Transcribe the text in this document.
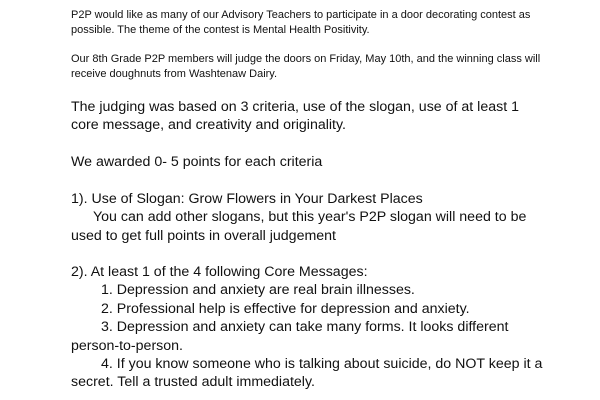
P2P would like as many of our Advisory Teachers to participate in a door decorating contest as possible. The theme of the contest is Mental Health Positivity.

Our 8th Grade P2P members will judge the doors on Friday, May 10th, and the winning class will receive doughnuts from Washtenaw Dairy.

The judging was based on 3 criteria, use of the slogan, use of at least 1
core message, and creativity and originality.
We awarded 0- 5 points for each criteria
1). Use of Slogan: Grow Flowers in Your Darkest Places
You can add other slogans, but this year's P2P slogan will need to be
used to get full points in overall judgement
2). At least 1 of the 4 following Core Messages:
1. Depression and anxiety are real brain illnesses.
2. Professional help is effective for depression and anxiety.
3. Depression and anxiety can take many forms. It looks different
person-to-person.
4. If you know someone who is talking about suicide, do NOT keep it a
secret. Tell a trusted adult immediately.
